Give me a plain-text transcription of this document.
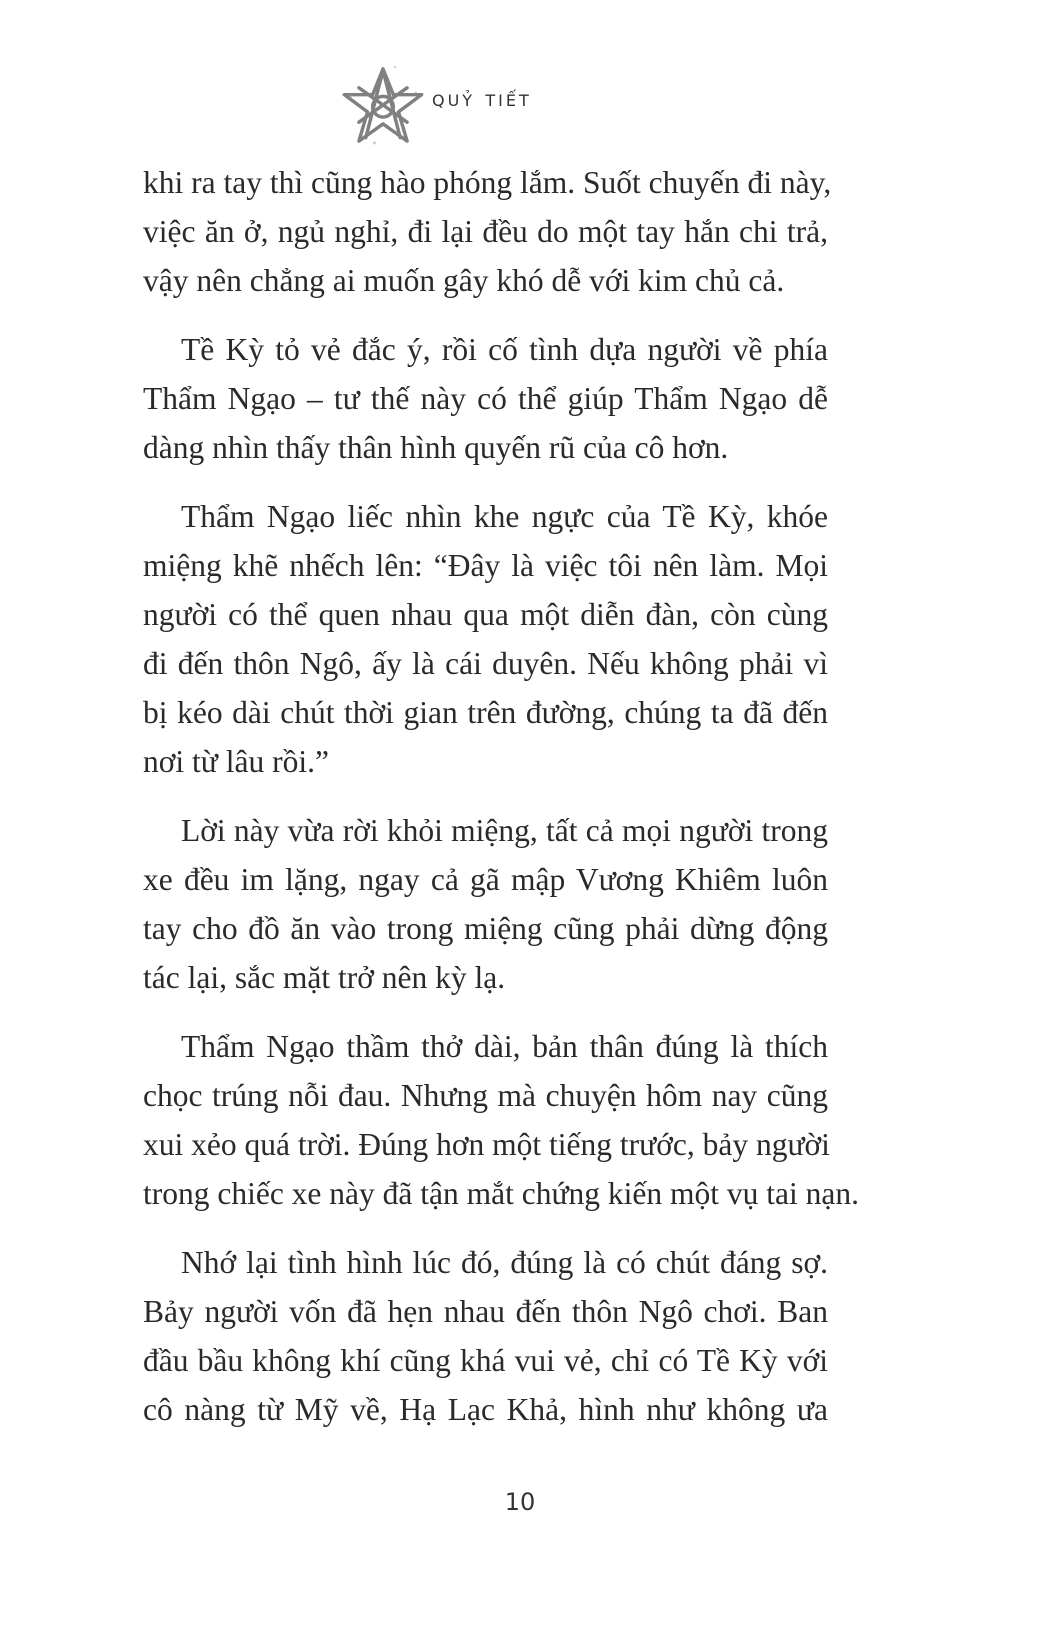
quỷ tiết

khi ra tay thì cũng hào phóng lắm. Suốt chuyến đi này,
việc ăn ở, ngủ nghỉ, đi lại đều do một tay hắn chi trả,
vậy nên chẳng ai muốn gây khó dễ với kim chủ cả.

Tề Kỳ tỏ vẻ đắc ý, rồi cố tình dựa người về phía
Thẩm Ngạo – tư thế này có thể giúp Thẩm Ngạo dễ
dàng nhìn thấy thân hình quyến rũ của cô hơn.

Thẩm Ngạo liếc nhìn khe ngực của Tề Kỳ, khóe
miệng khẽ nhếch lên: “Đây là việc tôi nên làm. Mọi
người có thể quen nhau qua một diễn đàn, còn cùng
đi đến thôn Ngô, ấy là cái duyên. Nếu không phải vì
bị kéo dài chút thời gian trên đường, chúng ta đã đến
nơi từ lâu rồi.”

Lời này vừa rời khỏi miệng, tất cả mọi người trong
xe đều im lặng, ngay cả gã mập Vương Khiêm luôn
tay cho đồ ăn vào trong miệng cũng phải dừng động
tác lại, sắc mặt trở nên kỳ lạ.

Thẩm Ngạo thầm thở dài, bản thân đúng là thích
chọc trúng nỗi đau. Nhưng mà chuyện hôm nay cũng
xui xẻo quá trời. Đúng hơn một tiếng trước, bảy người
trong chiếc xe này đã tận mắt chứng kiến một vụ tai nạn.

Nhớ lại tình hình lúc đó, đúng là có chút đáng sợ.
Bảy người vốn đã hẹn nhau đến thôn Ngô chơi. Ban
đầu bầu không khí cũng khá vui vẻ, chỉ có Tề Kỳ với
cô nàng từ Mỹ về, Hạ Lạc Khả, hình như không ưa

10
